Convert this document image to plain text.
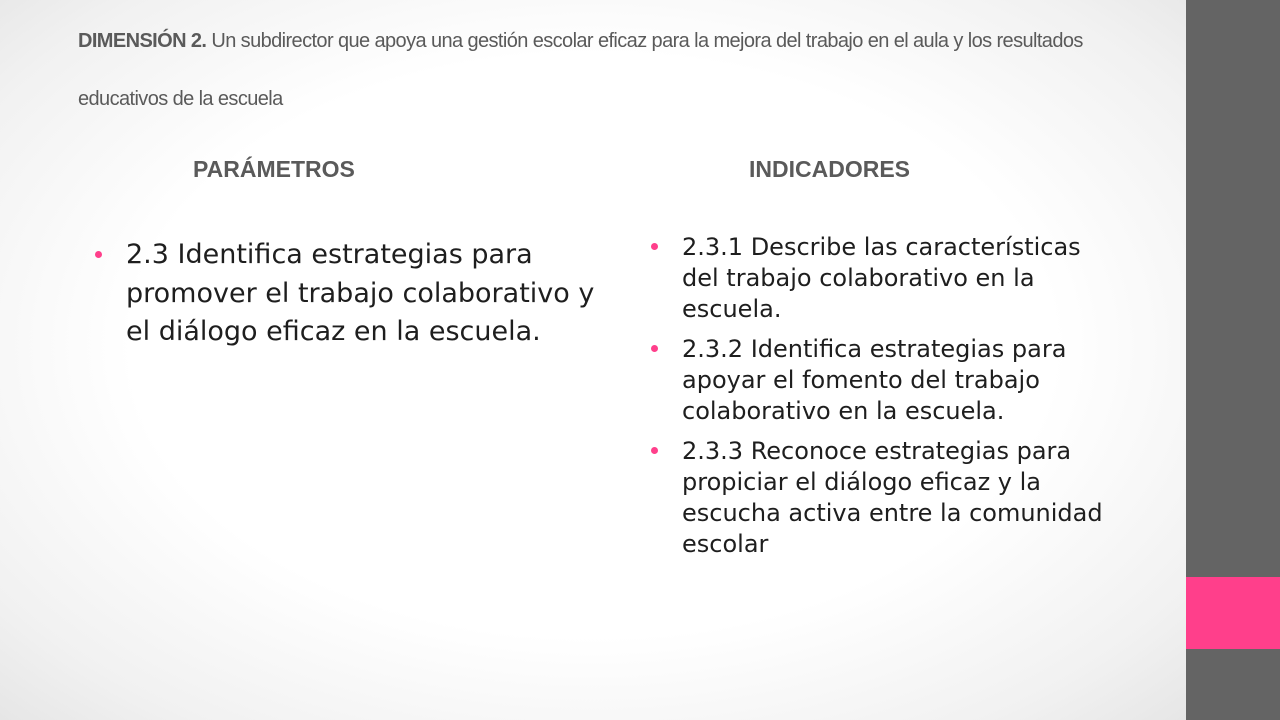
DIMENSIÓN 2. Un subdirector que apoya una gestión escolar eficaz para la mejora del trabajo en el aula y los resultados educativos de la escuela

PARÁMETROS	INDICADORES
2.3 Identifica estrategias para promover el trabajo colaborativo y el diálogo eficaz en la escuela.
2.3.1 Describe las características del trabajo colaborativo en la escuela.
2.3.2 Identifica estrategias para apoyar el fomento del trabajo colaborativo en la escuela.
2.3.3 Reconoce estrategias para propiciar el diálogo eficaz y la escucha activa entre la comunidad escolar
